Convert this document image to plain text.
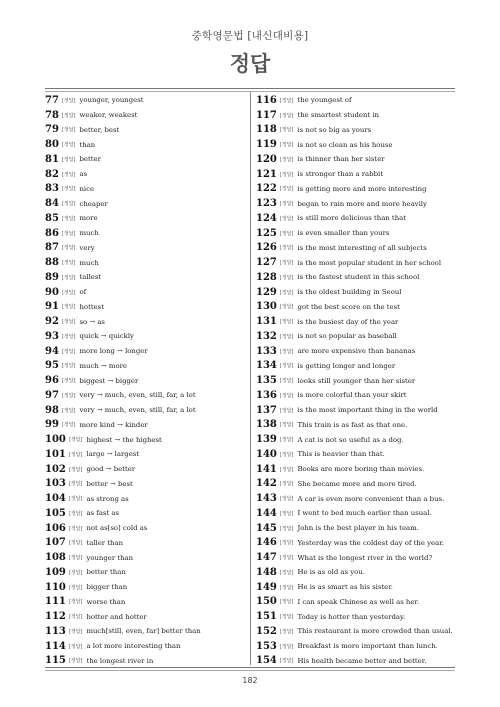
중학영문법 [내신대비용]
정답
77 [정답] younger, youngest
78 [정답] weaker, weakest
79 [정답] better, best
80 [정답] than
81 [정답] better
82 [정답] as
83 [정답] nice
84 [정답] cheaper
85 [정답] more
86 [정답] much
87 [정답] very
88 [정답] much
89 [정답] tallest
90 [정답] of
91 [정답] hottest
92 [정답] so → as
93 [정답] quick → quickly
94 [정답] more long → longer
95 [정답] much → more
96 [정답] biggest → bigger
97 [정답] very → much, even, still, far, a lot
98 [정답] very → much, even, still, far, a lot
99 [정답] more kind → kinder
100 [정답] highest → the highest
101 [정답] large → largest
102 [정답] good → better
103 [정답] better → best
104 [정답] as strong as
105 [정답] as fast as
106 [정답] not as[so] cold as
107 [정답] taller than
108 [정답] younger than
109 [정답] better than
110 [정답] bigger than
111 [정답] worse than
112 [정답] hotter and hotter
113 [정답] much[still, even, far] better than
114 [정답] a lot more interesting than
115 [정답] the longest river in
116 [정답] the youngest of
117 [정답] the smartest student in
118 [정답] is not so big as yours
119 [정답] is not so clean as his house
120 [정답] is thinner than her sister
121 [정답] is stronger than a rabbit
122 [정답] is getting more and more interesting
123 [정답] began to rain more and more heavily
124 [정답] is still more delicious than that
125 [정답] is even smaller than yours
126 [정답] is the most interesting of all subjects
127 [정답] is the most popular student in her school
128 [정답] is the fastest student in this school
129 [정답] is the oldest building in Seoul
130 [정답] got the best score on the test
131 [정답] is the busiest day of the year
132 [정답] is not so popular as baseball
133 [정답] are more expensive than bananas
134 [정답] is getting longer and longer
135 [정답] looks still younger than her sister
136 [정답] is more colorful than your skirt
137 [정답] is the most important thing in the world
138 [정답] This train is as fast as that one.
139 [정답] A cat is not so useful as a dog.
140 [정답] This is heavier than that.
141 [정답] Books are more boring than movies.
142 [정답] She became more and more tired.
143 [정답] A car is even more convenient than a bus.
144 [정답] I went to bed much earlier than usual.
145 [정답] John is the best player in his team.
146 [정답] Yesterday was the coldest day of the year.
147 [정답] What is the longest river in the world?
148 [정답] He is as old as you.
149 [정답] He is as smart as his sister.
150 [정답] I can speak Chinese as well as her.
151 [정답] Today is hotter than yesterday.
152 [정답] This restaurant is more crowded than usual.
153 [정답] Breakfast is more important than lunch.
154 [정답] His health became better and better.
182
